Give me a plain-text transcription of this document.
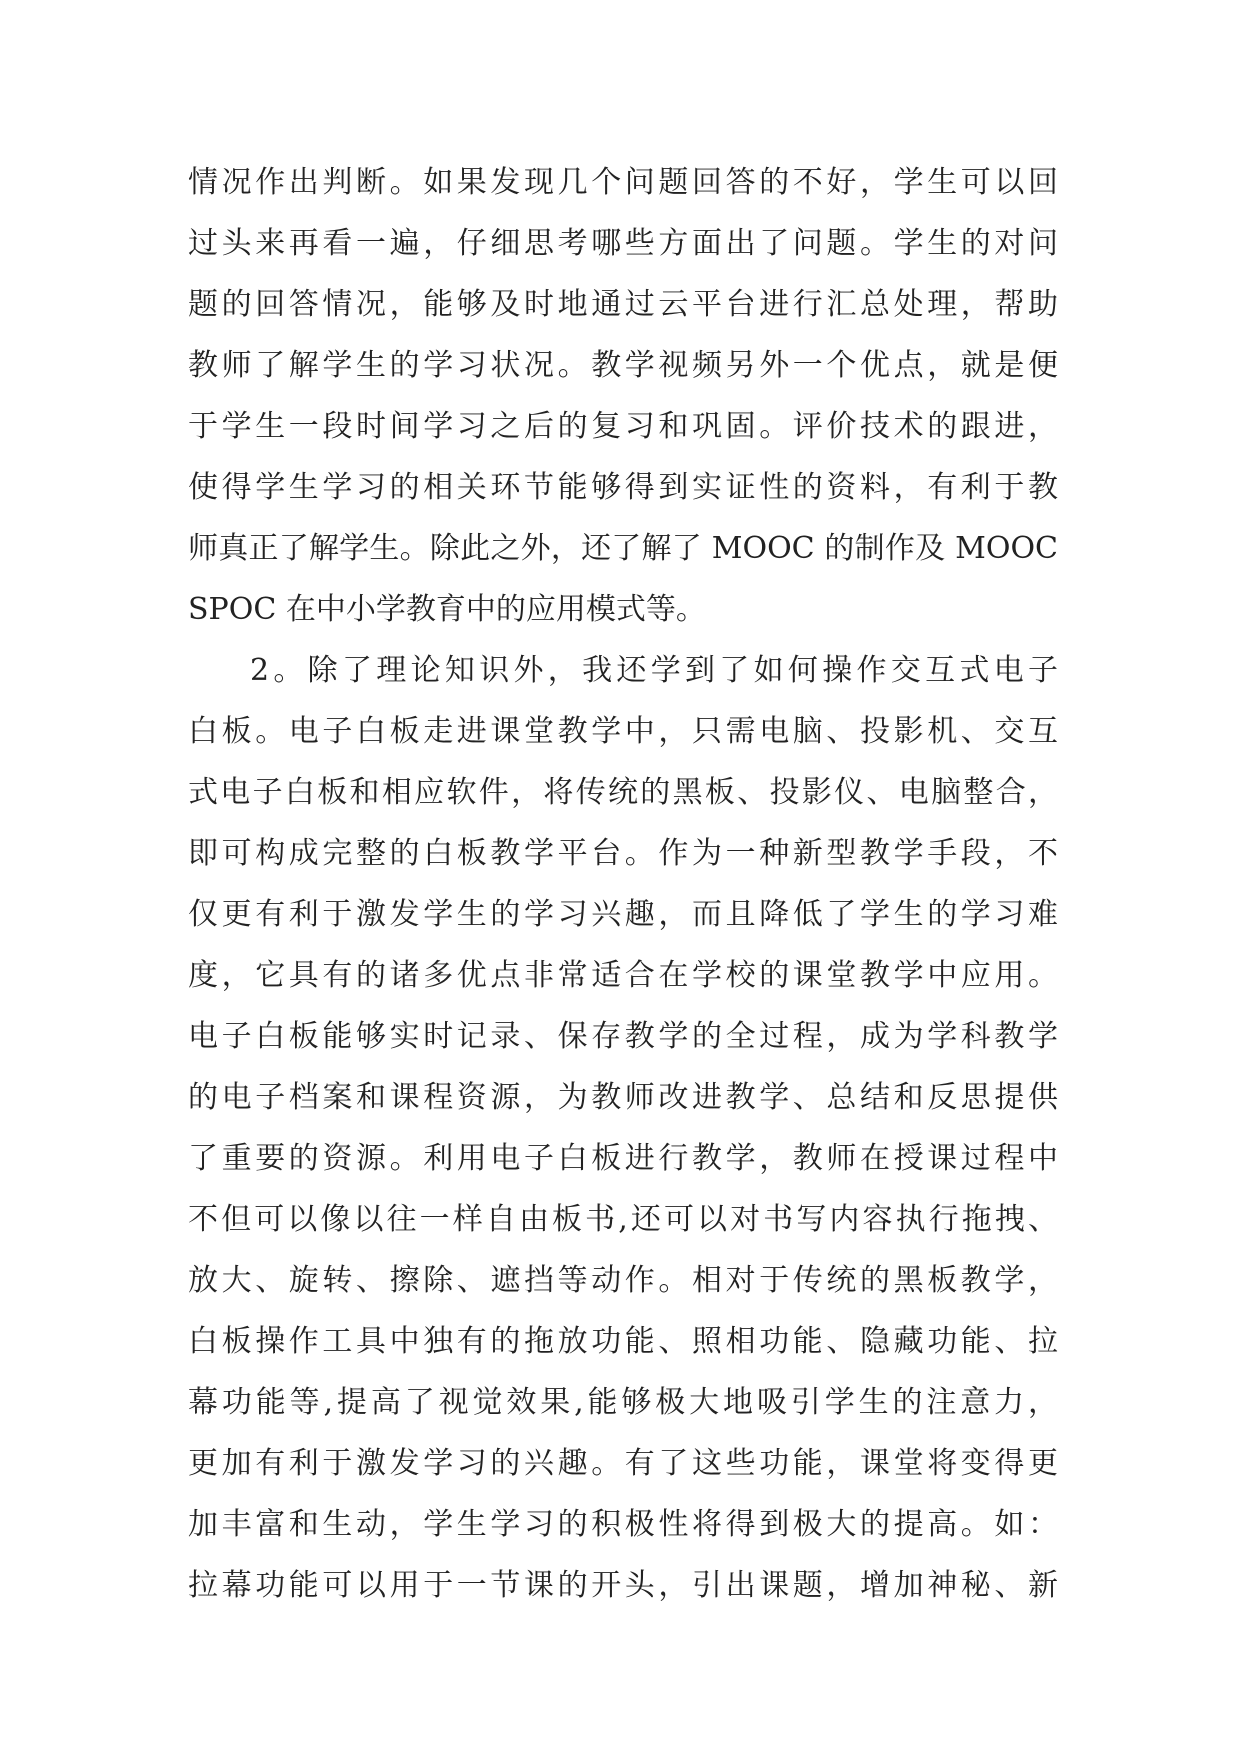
情况作出判断。如果发现几个问题回答的不好，学生可以回
过头来再看一遍，仔细思考哪些方面出了问题。学生的对问
题的回答情况，能够及时地通过云平台进行汇总处理，帮助
教师了解学生的学习状况。教学视频另外一个优点，就是便
于学生一段时间学习之后的复习和巩固。评价技术的跟进，
使得学生学习的相关环节能够得到实证性的资料，有利于教
师真正了解学生。除此之外，还了解了 MOOC 的制作及 MOOC
SPOC 在中小学教育中的应用模式等。
2。除了理论知识外，我还学到了如何操作交互式电子
白板。电子白板走进课堂教学中，只需电脑、投影机、交互
式电子白板和相应软件，将传统的黑板、投影仪、电脑整合，
即可构成完整的白板教学平台。作为一种新型教学手段，不
仅更有利于激发学生的学习兴趣，而且降低了学生的学习难
度，它具有的诸多优点非常适合在学校的课堂教学中应用。
电子白板能够实时记录、保存教学的全过程，成为学科教学
的电子档案和课程资源，为教师改进教学、总结和反思提供
了重要的资源。利用电子白板进行教学，教师在授课过程中
不但可以像以往一样自由板书,还可以对书写内容执行拖拽、
放大、旋转、擦除、遮挡等动作。相对于传统的黑板教学，
白板操作工具中独有的拖放功能、照相功能、隐藏功能、拉
幕功能等,提高了视觉效果,能够极大地吸引学生的注意力，
更加有利于激发学习的兴趣。有了这些功能，课堂将变得更
加丰富和生动，学生学习的积极性将得到极大的提高。如：
拉幕功能可以用于一节课的开头，引出课题，增加神秘、新
